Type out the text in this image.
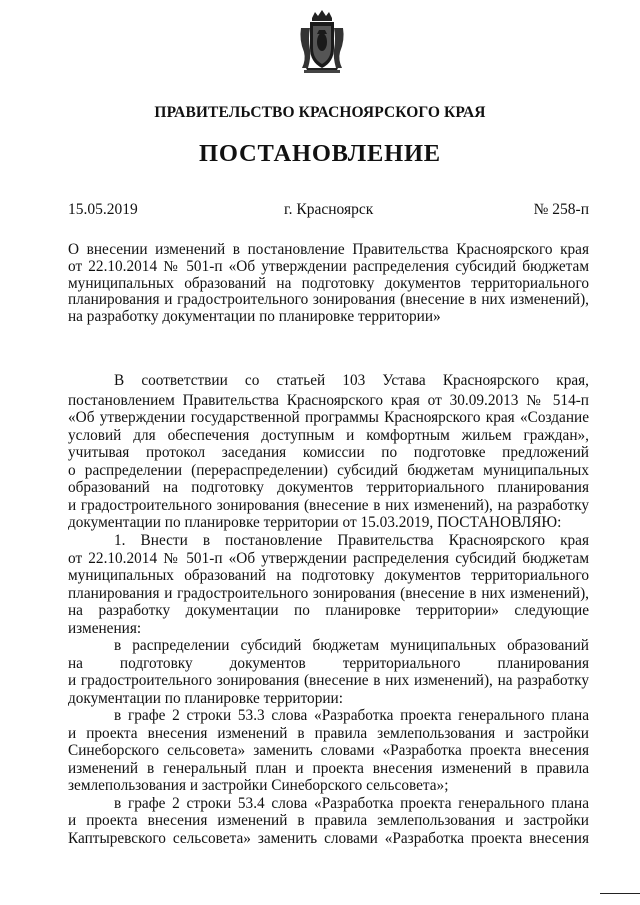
ПРАВИТЕЛЬСТВО КРАСНОЯРСКОГО КРАЯ
ПОСТАНОВЛЕНИЕ
15.05.2019	г. Красноярск	№ 258-п
О внесении изменений в постановление Правительства Красноярского края
от 22.10.2014 № 501-п «Об утверждении распределения субсидий бюджетам
муниципальных образований на подготовку документов территориального
планирования и градостроительного зонирования (внесение в них изменений),
на разработку документации по планировке территории»
В соответствии со статьей 103 Устава Красноярского края,
постановлением Правительства Красноярского края от 30.09.2013 № 514-п
«Об утверждении государственной программы Красноярского края «Создание
условий для обеспечения доступным и комфортным жильем граждан»,
учитывая протокол заседания комиссии по подготовке предложений
о распределении (перераспределении) субсидий бюджетам муниципальных
образований на подготовку документов территориального планирования
и градостроительного зонирования (внесение в них изменений), на разработку
документации по планировке территории от 15.03.2019, ПОСТАНОВЛЯЮ:
1. Внести в постановление Правительства Красноярского края
от 22.10.2014 № 501-п «Об утверждении распределения субсидий бюджетам
муниципальных образований на подготовку документов территориального
планирования и градостроительного зонирования (внесение в них изменений),
на разработку документации по планировке территории» следующие
изменения:
в распределении субсидий бюджетам муниципальных образований
на подготовку документов территориального планирования
и градостроительного зонирования (внесение в них изменений), на разработку
документации по планировке территории:
в графе 2 строки 53.3 слова «Разработка проекта генерального плана
и проекта внесения изменений в правила землепользования и застройки
Синеборского сельсовета» заменить словами «Разработка проекта внесения
изменений в генеральный план и проекта внесения изменений в правила
землепользования и застройки Синеборского сельсовета»;
в графе 2 строки 53.4 слова «Разработка проекта генерального плана
и проекта внесения изменений в правила землепользования и застройки
Каптыревского сельсовета» заменить словами «Разработка проекта внесения
